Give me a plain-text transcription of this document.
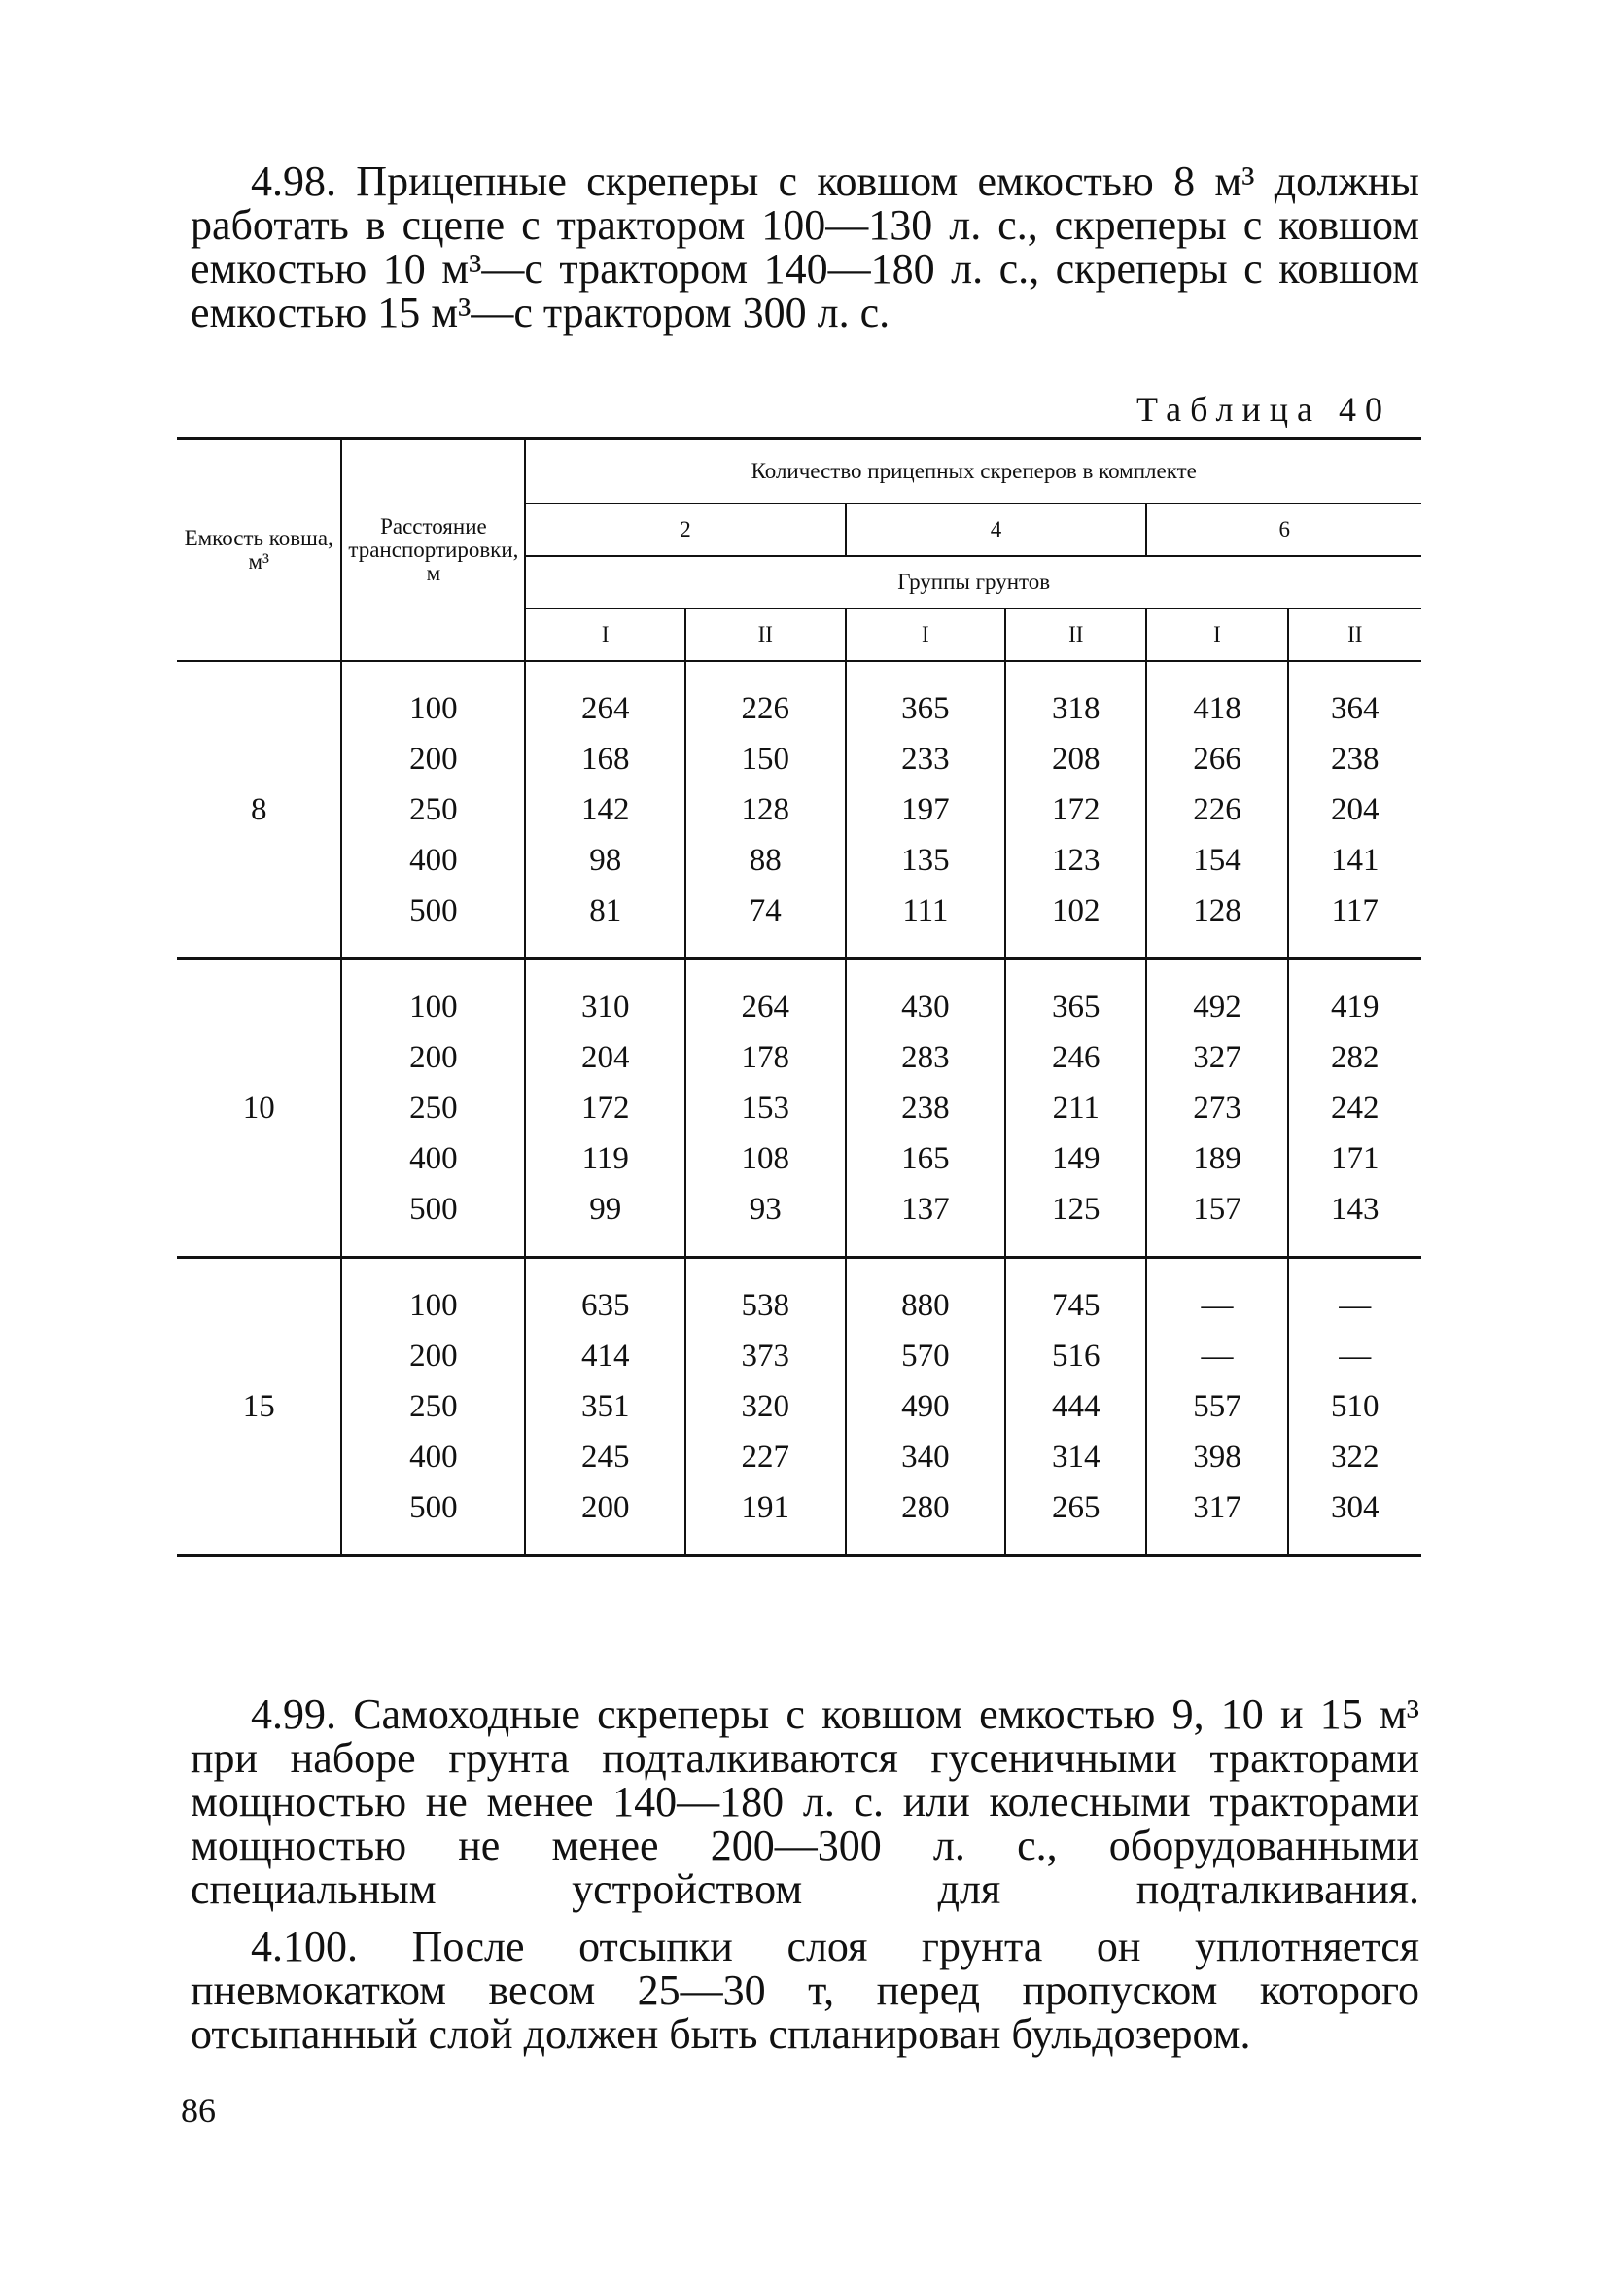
4.98. Прицепные скреперы с ковшом емкостью 8 м³ должны работать в сцепе с трактором 100—130 л. с., скреперы с ковшом емкостью 10 м³—с трактором 140—180 л. с., скреперы с ковшом емкостью 15 м³—с трактором 300 л. с.

Таблица 40
Емкость ковша, м³	Расстояние транспортировки, м	Количество прицепных скреперов в комплекте					
		2		4		6	
		Группы грунтов					
		I	II	I	II	I	II

	100	264	226	365	318	418	364
	200	168	150	233	208	266	238
8	250	142	128	197	172	226	204
	400	98	88	135	123	154	141
	500	81	74	111	102	128	117

	100	310	264	430	365	492	419
	200	204	178	283	246	327	282
10	250	172	153	238	211	273	242
	400	119	108	165	149	189	171
	500	99	93	137	125	157	143

	100	635	538	880	745	—	—
	200	414	373	570	516	—	—
15	250	351	320	490	444	557	510
	400	245	227	340	314	398	322
	500	200	191	280	265	317	304

4.99. Самоходные скреперы с ковшом емкостью 9, 10 и 15 м³ при наборе грунта подталкиваются гусеничными тракторами мощностью не менее 140—180 л. с. или колесными тракторами мощностью не менее 200—300 л. с., оборудованными специальным устройством для подталкивания.

4.100. После отсыпки слоя грунта он уплотняется пневмокатком весом 25—30 т, перед пропуском которого отсыпанный слой должен быть спланирован бульдозером.

86
